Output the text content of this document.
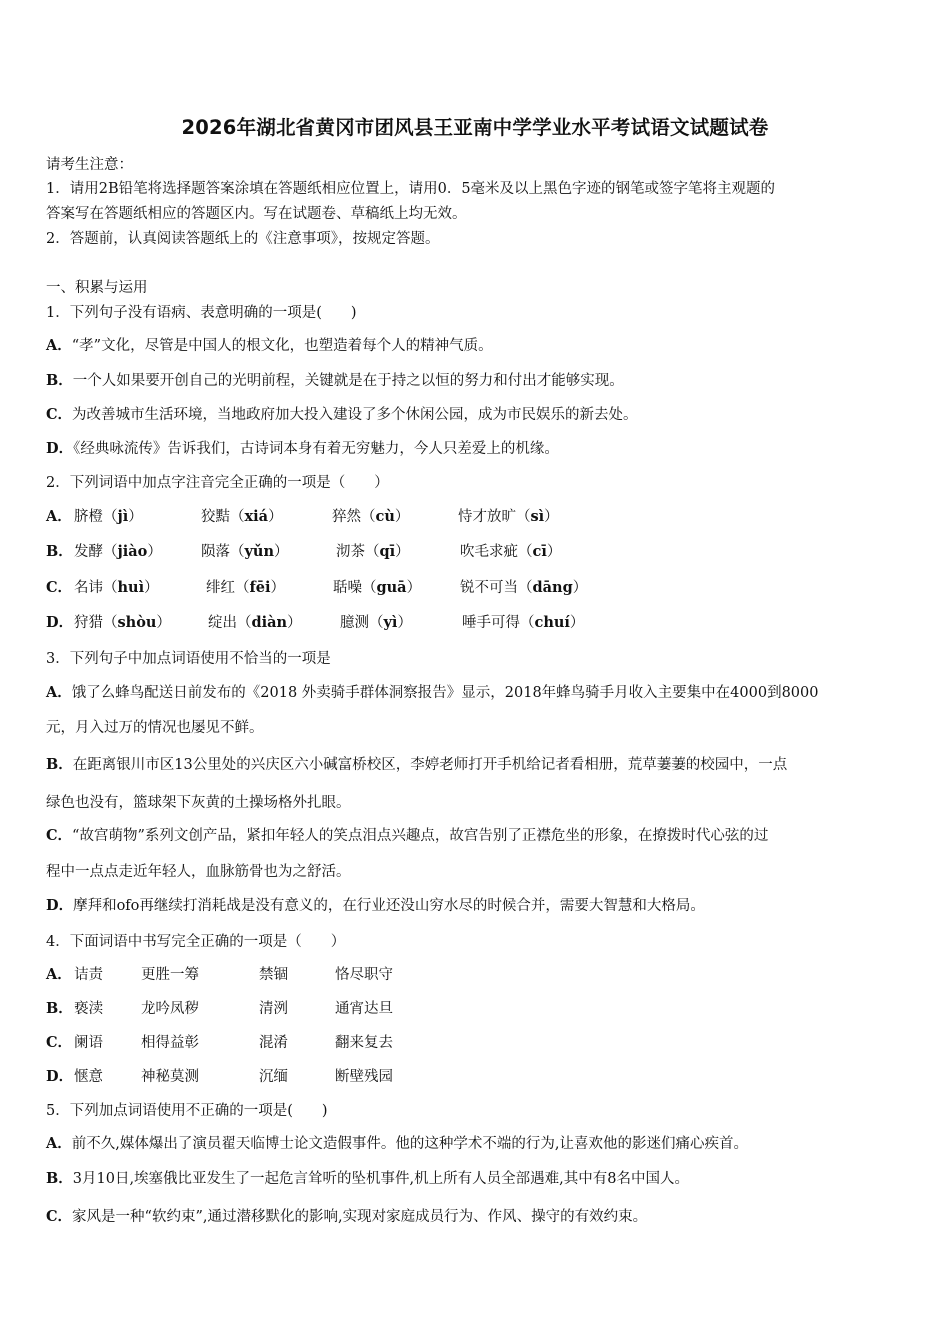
2026年湖北省黄冈市团风县王亚南中学学业水平考试语文试题试卷
请考生注意：
1．请用2B铅笔将选择题答案涂填在答题纸相应位置上，请用0．5毫米及以上黑色字迹的钢笔或签字笔将主观题的
答案写在答题纸相应的答题区内。写在试题卷、草稿纸上均无效。
2．答题前，认真阅读答题纸上的《注意事项》，按规定答题。
一、积累与运用
1．下列句子没有语病、表意明确的一项是(　　)
A．“孝”文化，尽管是中国人的根文化，也塑造着每个人的精神气质。
B．一个人如果要开创自己的光明前程，关键就是在于持之以恒的努力和付出才能够实现。
C．为改善城市生活环境，当地政府加大投入建设了多个休闲公园，成为市民娱乐的新去处。
D．《经典咏流传》告诉我们，古诗词本身有着无穷魅力，今人只差爱上的机缘。
2．下列词语中加点字注音完全正确的一项是（　　）
A． 脐橙（jì）	狡黠（xiá）	猝然（cù）	恃才放旷（sì）
B． 发酵（jiào）	陨落（yǔn）	沏茶（qī）	吹毛求疵（cī）
C． 名讳（huì）	绯红（fēi）	聒噪（guā）	锐不可当（dāng）
D． 狩猎（shòu）	绽出（diàn）	臆测（yì）	唾手可得（chuí）
3．下列句子中加点词语使用不恰当的一项是
A．饿了么蜂鸟配送日前发布的《2018 外卖骑手群体洞察报告》显示，2018年蜂鸟骑手月收入主要集中在4000到8000
元，月入过万的情况也屡见不鲜。
B．在距离银川市区13公里处的兴庆区六小碱富桥校区，李婷老师打开手机给记者看相册，荒草萋萋的校园中，一点
绿色也没有，篮球架下灰黄的土操场格外扎眼。
C．“故宫萌物”系列文创产品，紧扣年轻人的笑点泪点兴趣点，故宫告别了正襟危坐的形象，在撩拨时代心弦的过
程中一点点走近年轻人，血脉筋骨也为之舒活。
D．摩拜和ofo再继续打消耗战是没有意义的，在行业还没山穷水尽的时候合并，需要大智慧和大格局。
4．下面词语中书写完全正确的一项是（　　）
A． 诘责	更胜一筹	禁锢	恪尽职守
B． 亵渎	龙吟凤秽	清洌	通宵达旦
C． 阑语	相得益彰	混淆	翻来复去
D． 惬意	神秘莫测	沉缅	断壁残园
5．下列加点词语使用不正确的一项是(　　)
A．前不久,媒体爆出了演员翟天临博士论文造假事件。他的这种学术不端的行为,让喜欢他的影迷们痛心疾首。
B．3月10日,埃塞俄比亚发生了一起危言耸听的坠机事件,机上所有人员全部遇难,其中有8名中国人。
C．家风是一种“软约束”,通过潜移默化的影响,实现对家庭成员行为、作风、操守的有效约束。
